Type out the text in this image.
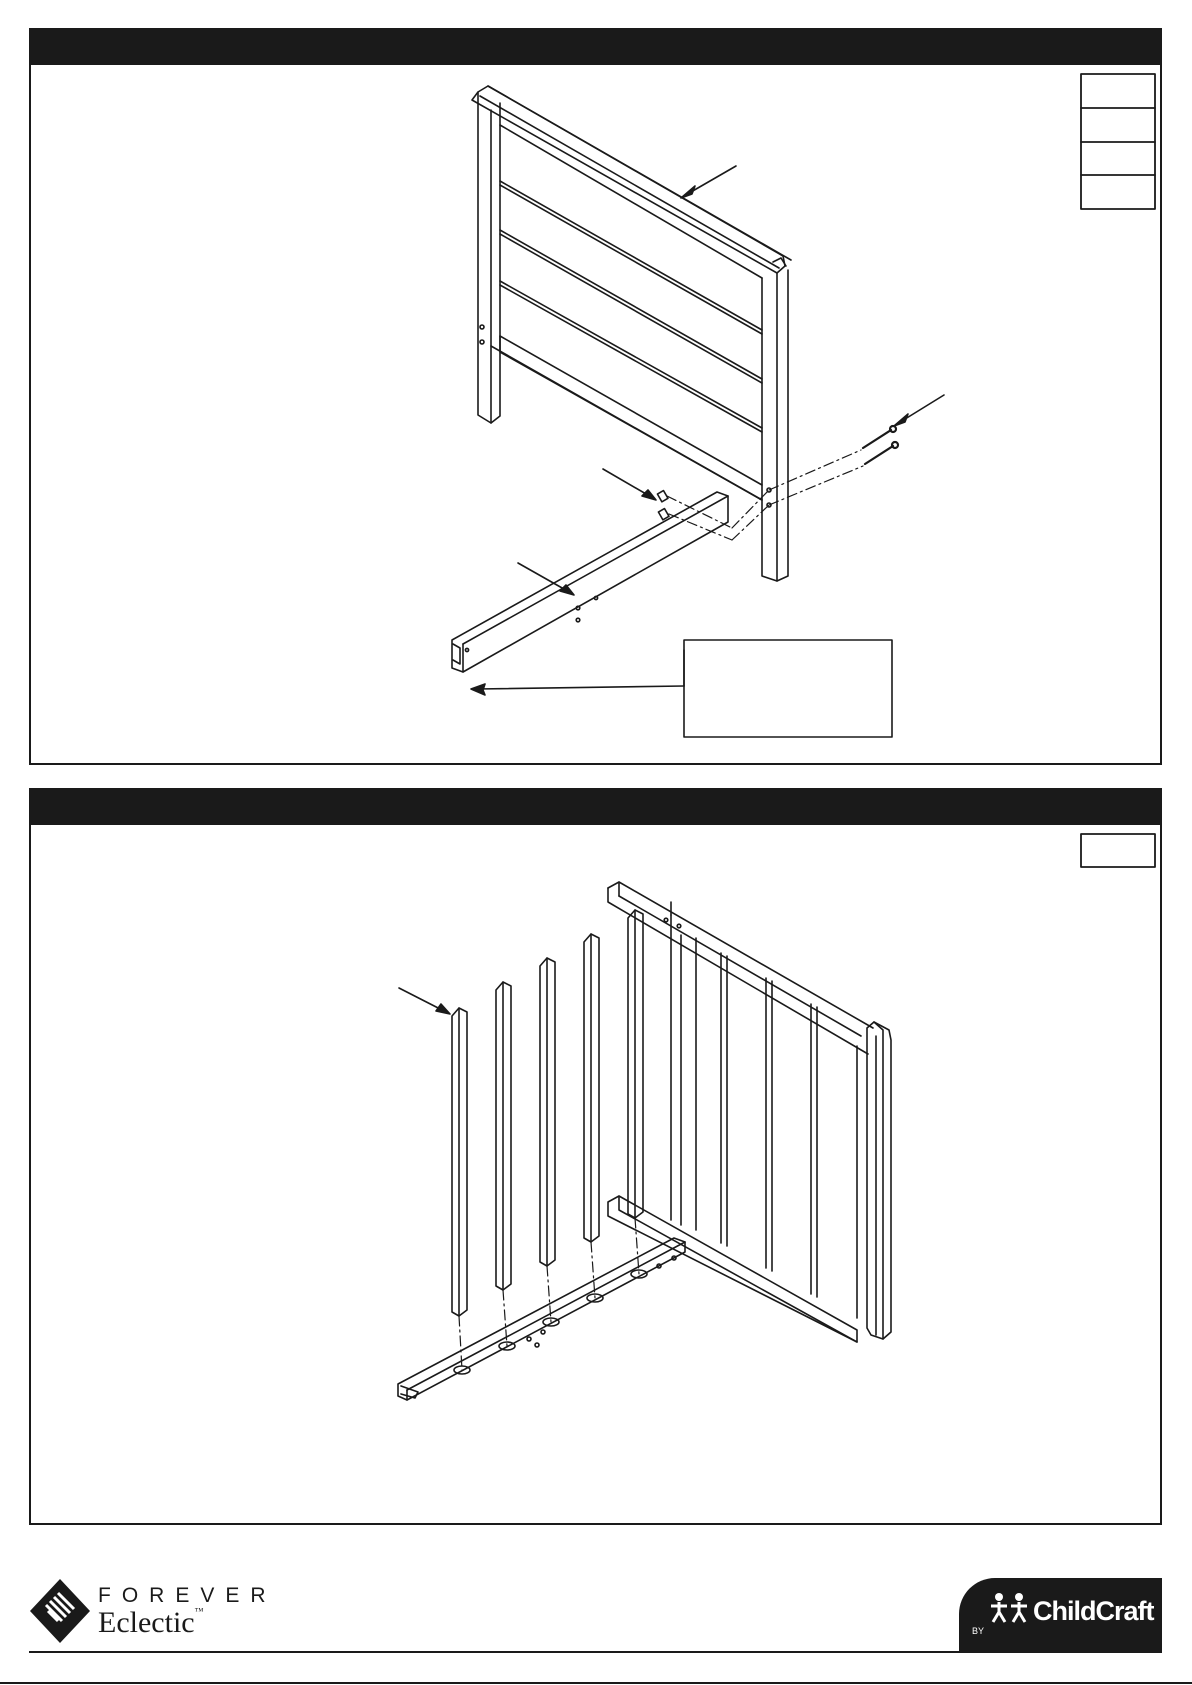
FOREVER
Eclectic™
BY
ChildCraft
